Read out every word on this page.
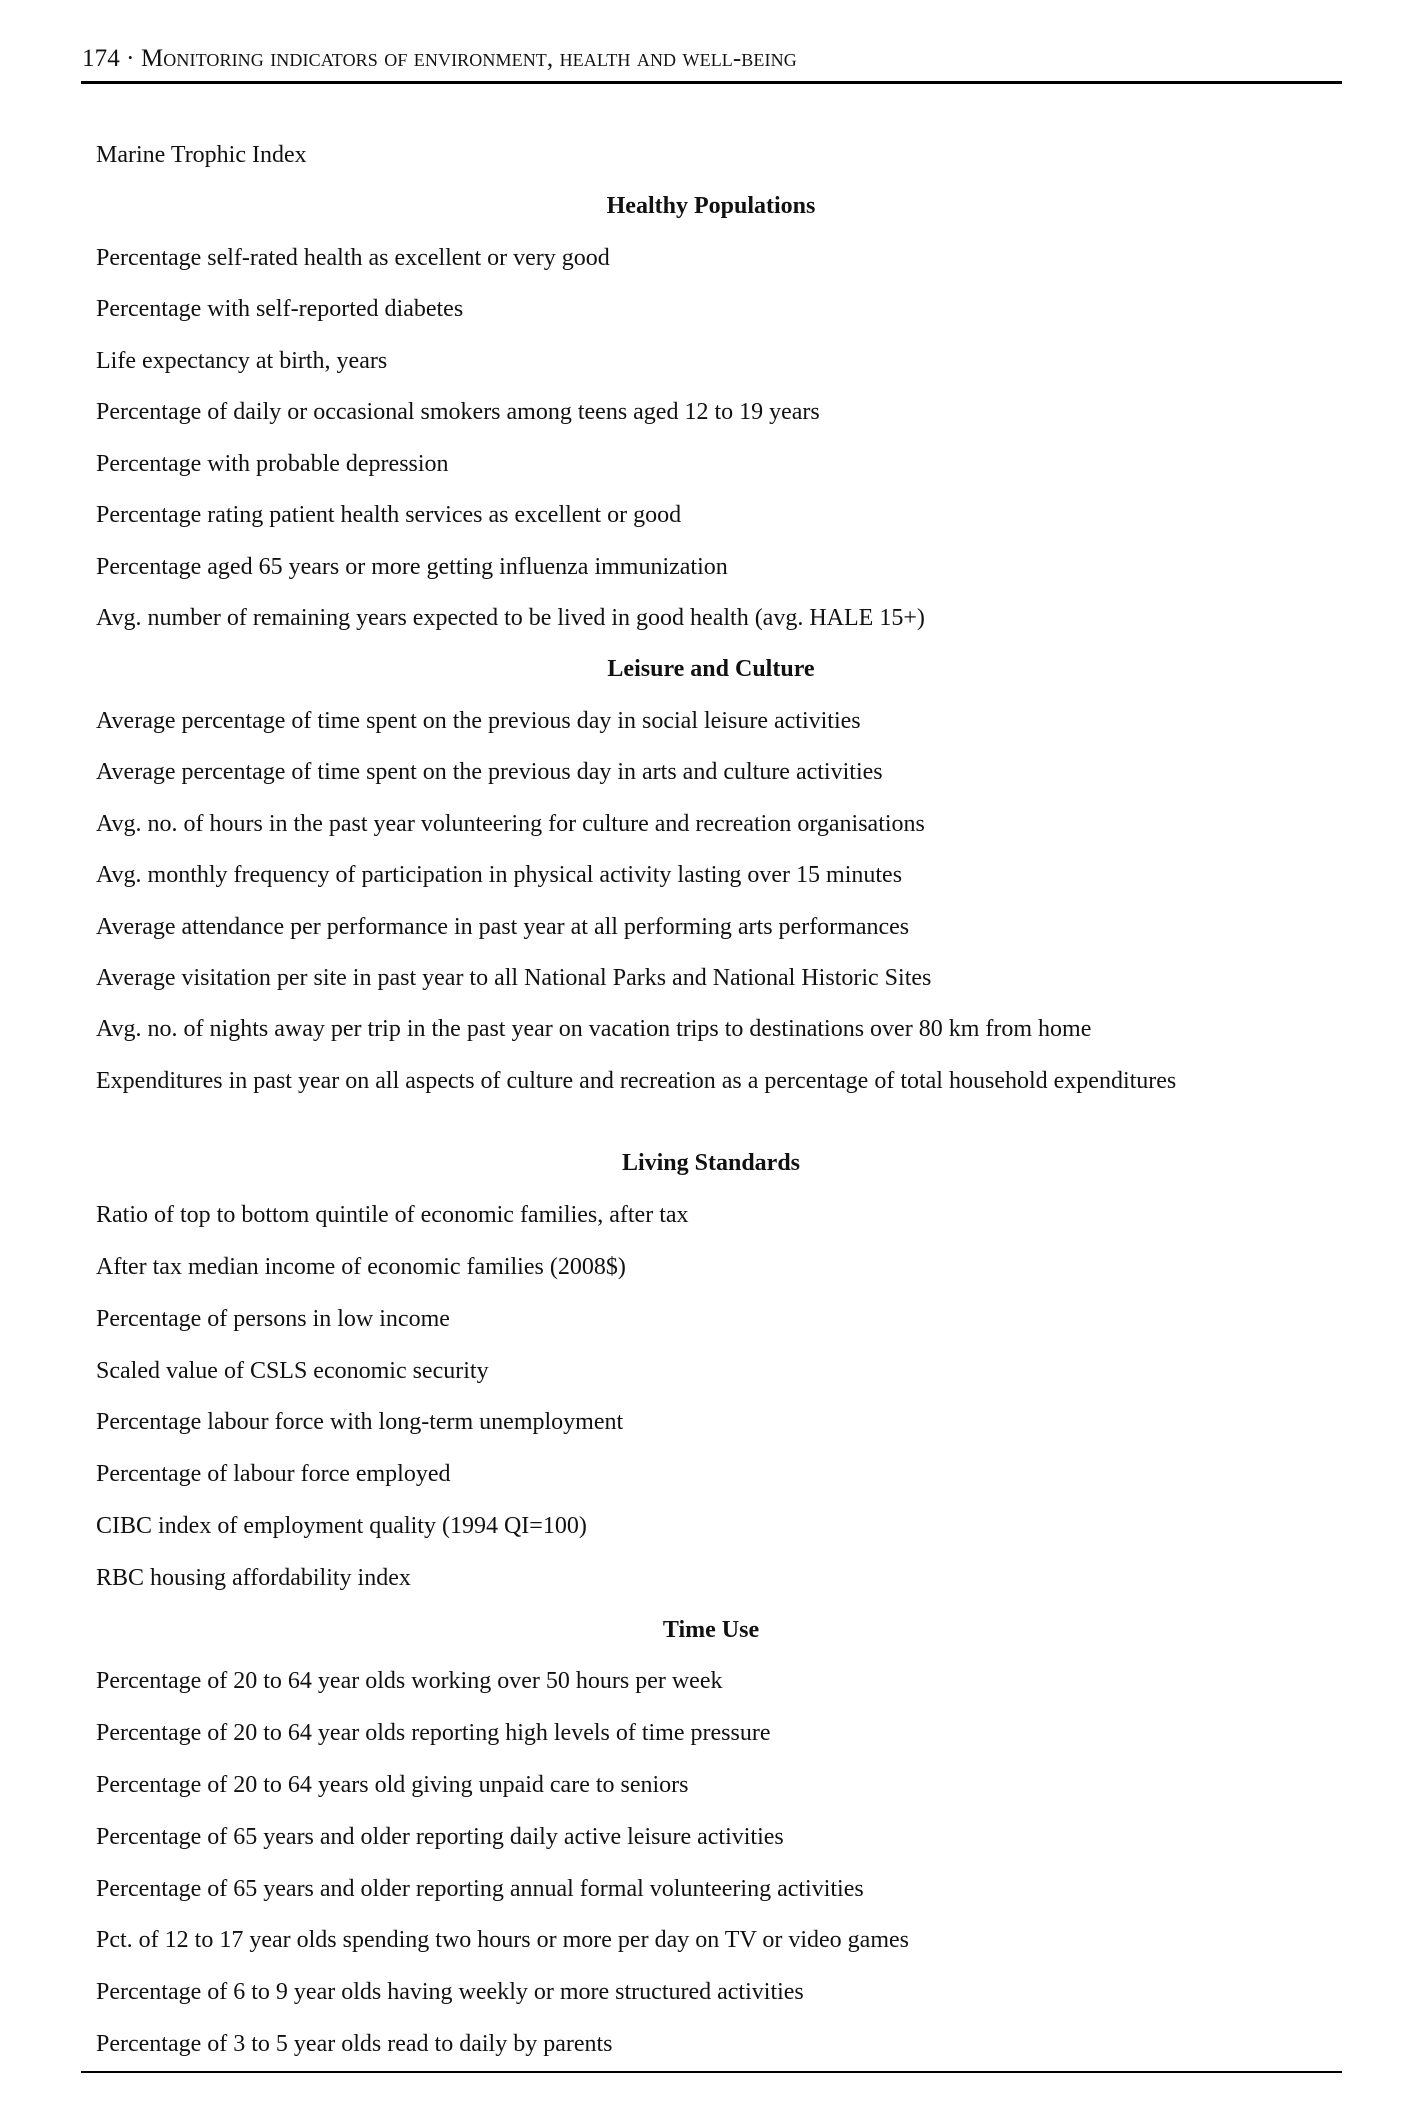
174 · Monitoring indicators of environment, health and well-being
Marine Trophic Index
Healthy Populations
Percentage self-rated health as excellent or very good
Percentage with self-reported diabetes
Life expectancy at birth, years
Percentage of daily or occasional smokers among teens aged 12 to 19 years
Percentage with probable depression
Percentage rating patient health services as excellent or good
Percentage aged 65 years or more getting influenza immunization
Avg. number of remaining years expected to be lived in good health (avg. HALE 15+)
Leisure and Culture
Average percentage of time spent on the previous day in social leisure activities
Average percentage of time spent on the previous day in arts and culture activities
Avg. no. of hours in the past year volunteering for culture and recreation organisations
Avg. monthly frequency of participation in physical activity lasting over 15 minutes
Average attendance per performance in past year at all performing arts performances
Average visitation per site in past year to all National Parks and National Historic Sites
Avg. no. of nights away per trip in the past year on vacation trips to destinations over 80 km from home
Expenditures in past year on all aspects of culture and recreation as a percentage of total household expenditures
Living Standards
Ratio of top to bottom quintile of economic families, after tax
After tax median income of economic families (2008$)
Percentage of persons in low income
Scaled value of CSLS economic security
Percentage labour force with long-term unemployment
Percentage of labour force employed
CIBC index of employment quality (1994 QI=100)
RBC housing affordability index
Time Use
Percentage of 20 to 64 year olds working over 50 hours per week
Percentage of 20 to 64 year olds reporting high levels of time pressure
Percentage of 20 to 64 years old giving unpaid care to seniors
Percentage of 65 years and older reporting daily active leisure activities
Percentage of 65 years and older reporting annual formal volunteering activities
Pct. of 12 to 17 year olds spending two hours or more per day on TV or video games
Percentage of 6 to 9 year olds having weekly or more structured activities
Percentage of 3 to 5 year olds read to daily by parents
